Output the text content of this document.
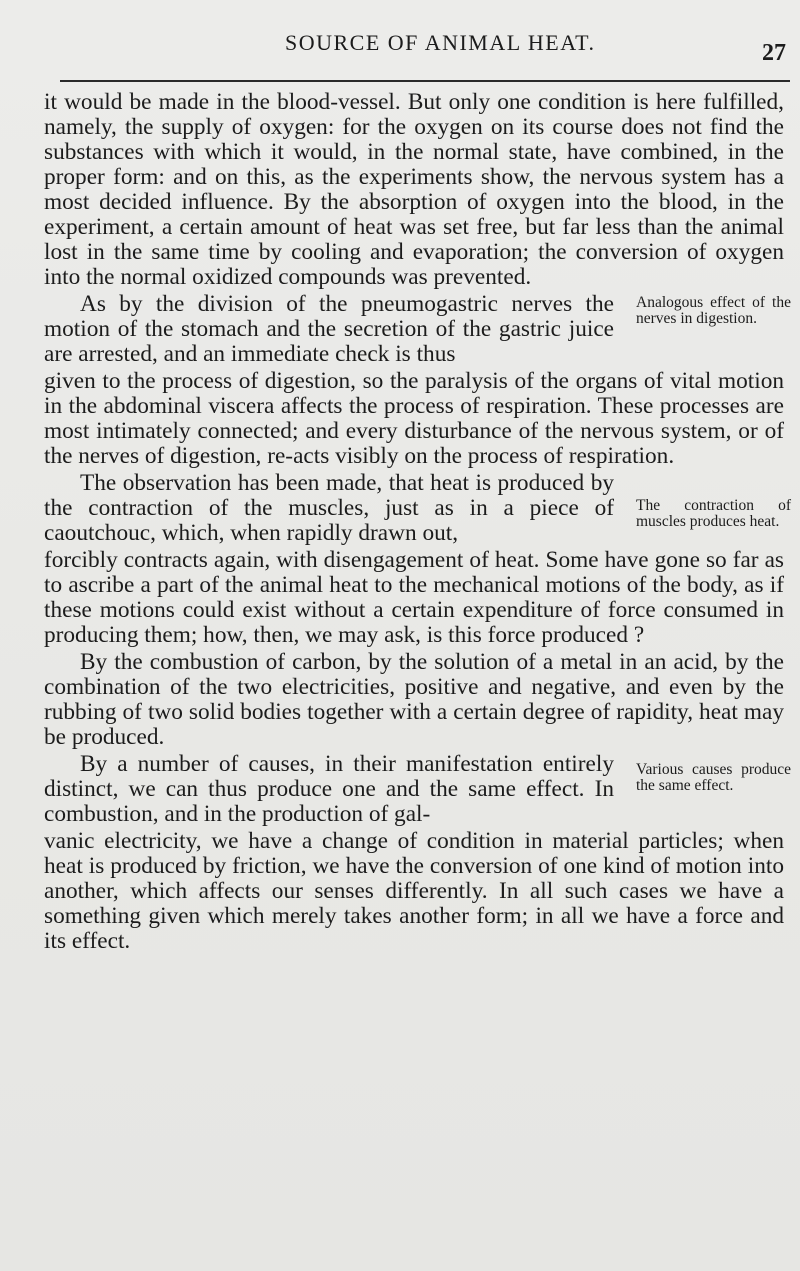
SOURCE OF ANIMAL HEAT.	27

it would be made in the blood-vessel. But only one condition is here fulfilled, namely, the supply of oxygen: for the oxygen on its course does not find the substances with which it would, in the normal state, have combined, in the proper form: and on this, as the experiments show, the nervous system has a most decided influence. By the absorption of oxygen into the blood, in the experiment, a certain amount of heat was set free, but far less than the animal lost in the same time by cooling and evaporation; the conversion of oxygen into the normal oxidized compounds was prevented.

As by the division of the pneumogastric nerves the motion of the stomach and the secretion of the gastric juice are arrested, and an immediate check is thus

Analogous effect of the nerves in digestion.

given to the process of digestion, so the paralysis of the organs of vital motion in the abdominal viscera affects the process of respiration. These processes are most intimately connected; and every disturbance of the nervous system, or of the nerves of digestion, re-acts visibly on the process of respiration.

The observation has been made, that heat is produced by the contraction of the muscles, just as in a piece of caoutchouc, which, when rapidly drawn out,

The contraction of muscles produces heat.

forcibly contracts again, with disengagement of heat. Some have gone so far as to ascribe a part of the animal heat to the mechanical motions of the body, as if these motions could exist without a certain expenditure of force consumed in producing them; how, then, we may ask, is this force produced ?

By the combustion of carbon, by the solution of a metal in an acid, by the combination of the two electricities, positive and negative, and even by the rubbing of two solid bodies together with a certain degree of rapidity, heat may be produced.

By a number of causes, in their manifestation entirely distinct, we can thus produce one and the same effect. In combustion, and in the production of gal-

Various causes produce the same effect.

vanic electricity, we have a change of condition in material particles; when heat is produced by friction, we have the conversion of one kind of motion into another, which affects our senses differently. In all such cases we have a something given which merely takes another form; in all we have a force and its effect.
